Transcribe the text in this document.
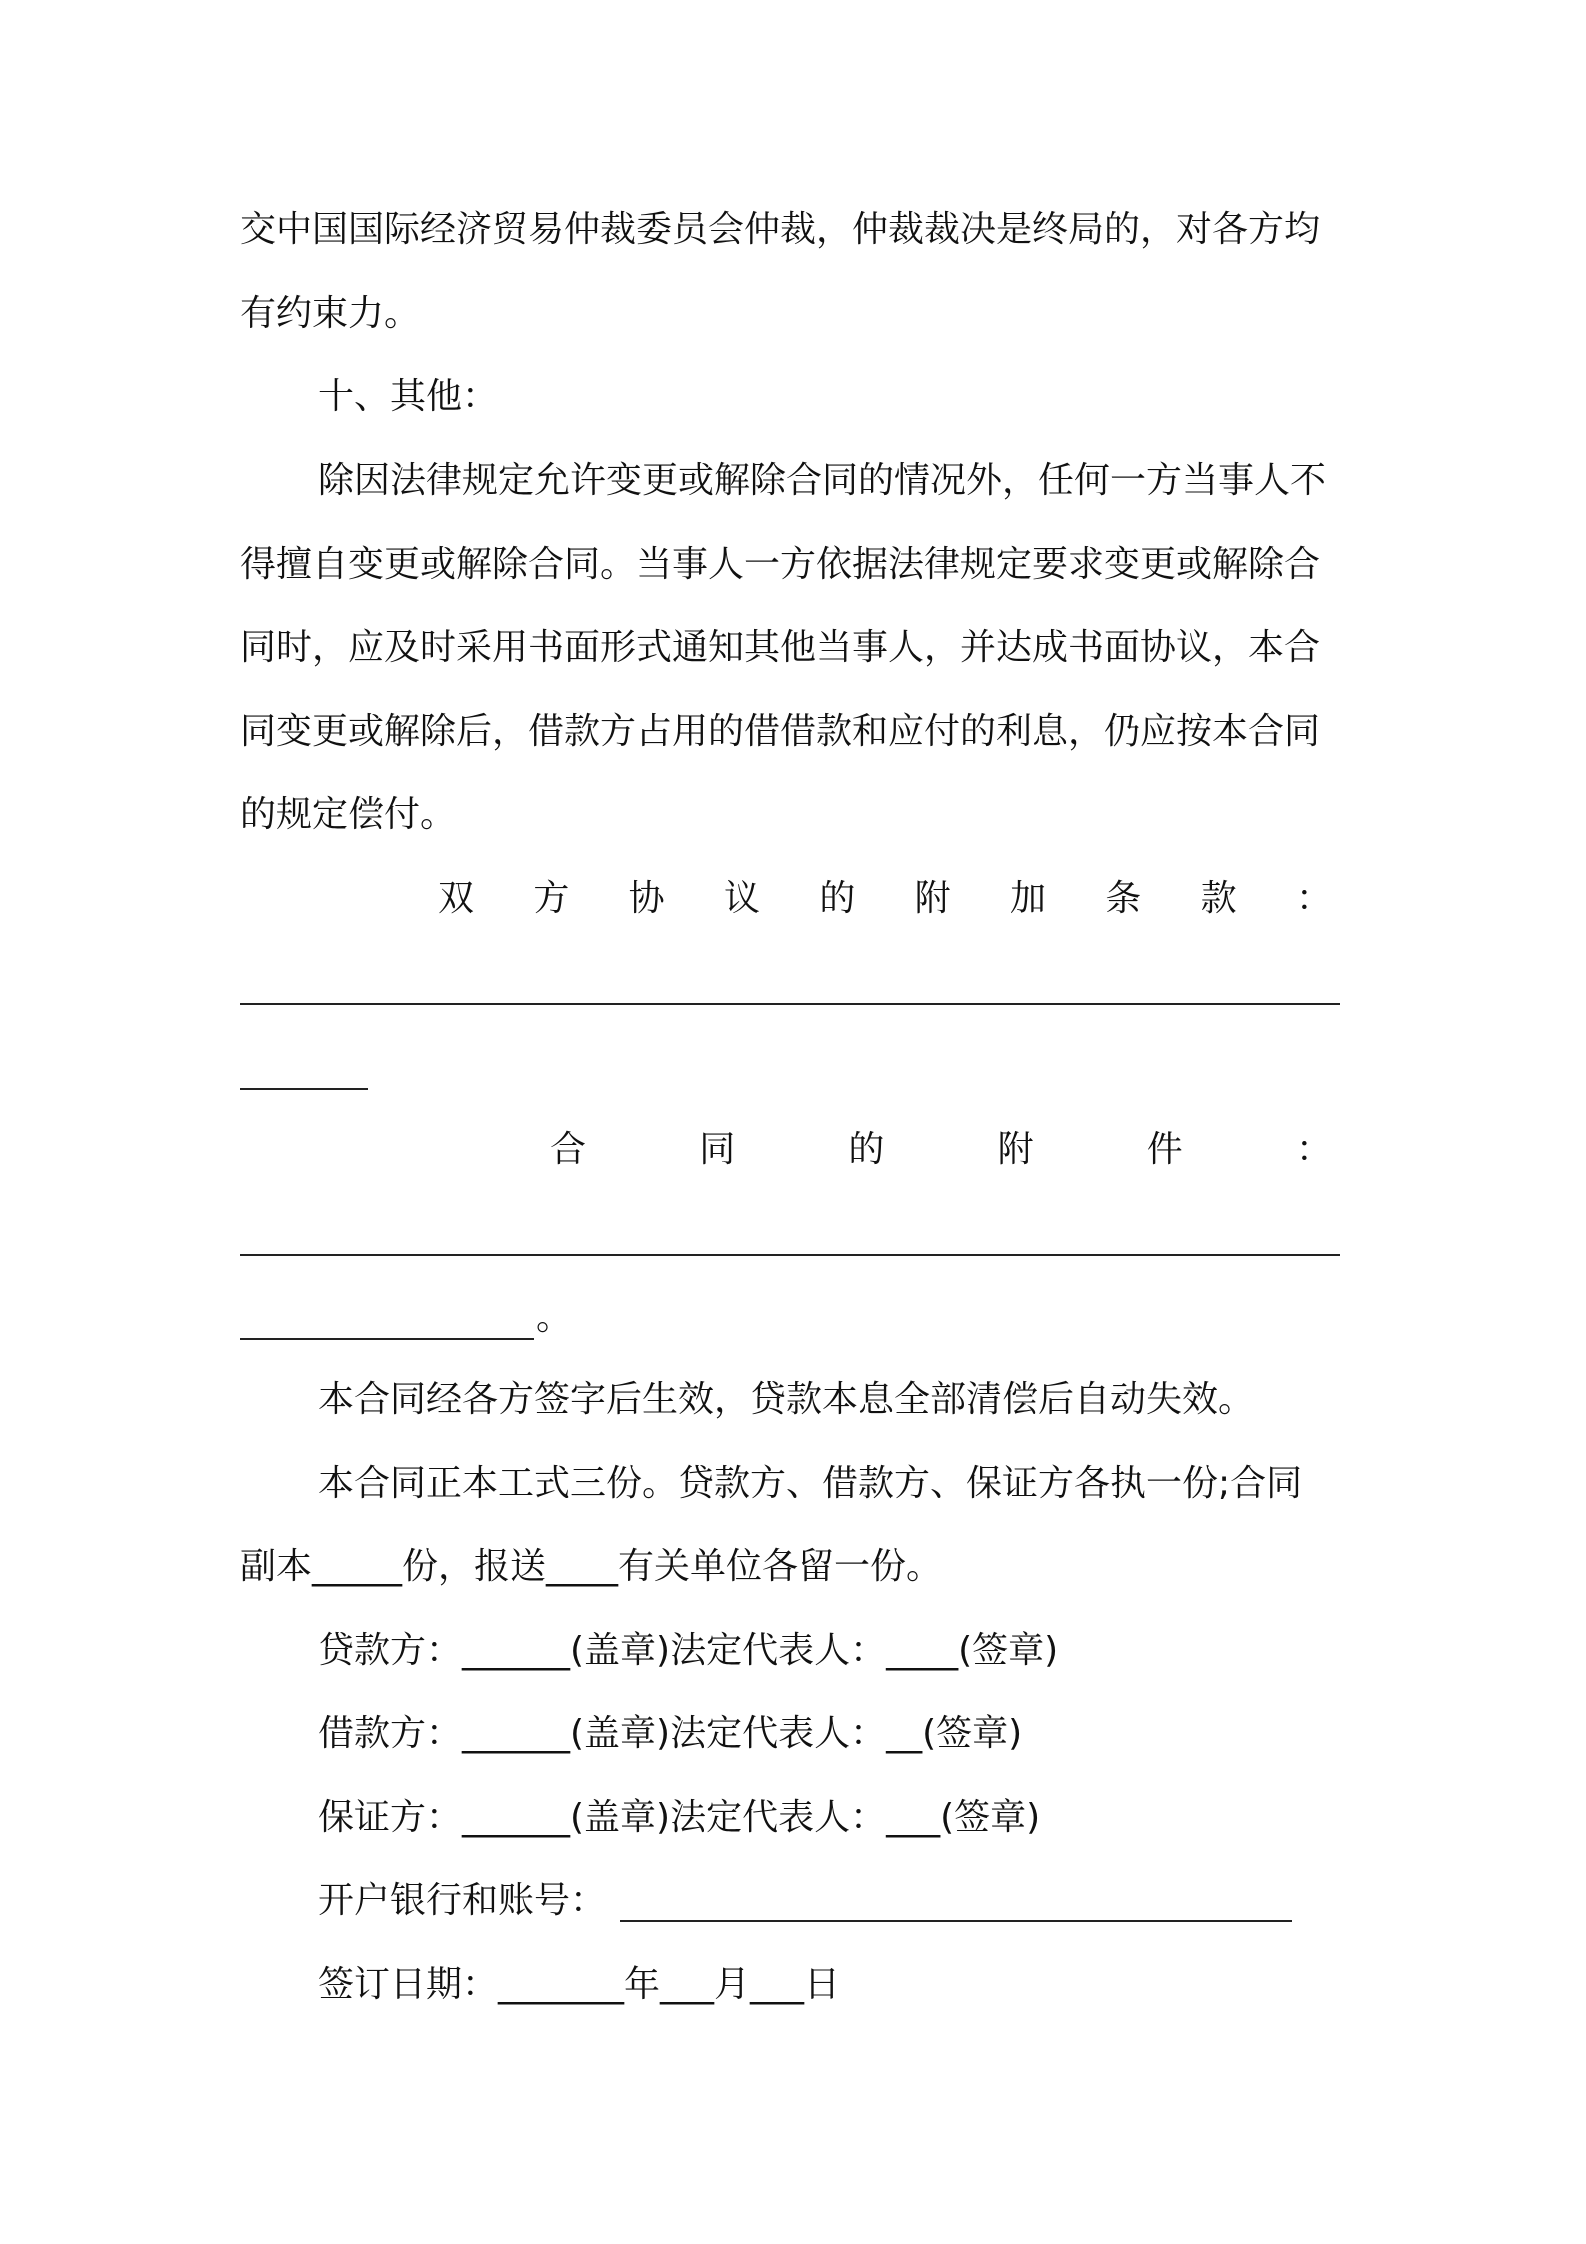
交中国国际经济贸易仲裁委员会仲裁，仲裁裁决是终局的，对各方均

有约束力。

十、其他：

除因法律规定允许变更或解除合同的情况外，任何一方当事人不

得擅自变更或解除合同。当事人一方依据法律规定要求变更或解除合

同时，应及时采用书面形式通知其他当事人，并达成书面协议，本合

同变更或解除后，借款方占用的借借款和应付的利息，仍应按本合同

的规定偿付。

双 方 协 议 的 附 加 条 款 ：
合	同	的	附	件	：

。

本合同经各方签字后生效，贷款本息全部清偿后自动失效。

本合同正本工式三份。贷款方、借款方、保证方各执一份;合同

副本_____份，报送____有关单位各留一份。

贷款方：______(盖章)法定代表人：____(签章)

借款方：______(盖章)法定代表人：__(签章)

保证方：______(盖章)法定代表人：___(签章)

开户银行和账号：

签订日期：_______年___月___日
